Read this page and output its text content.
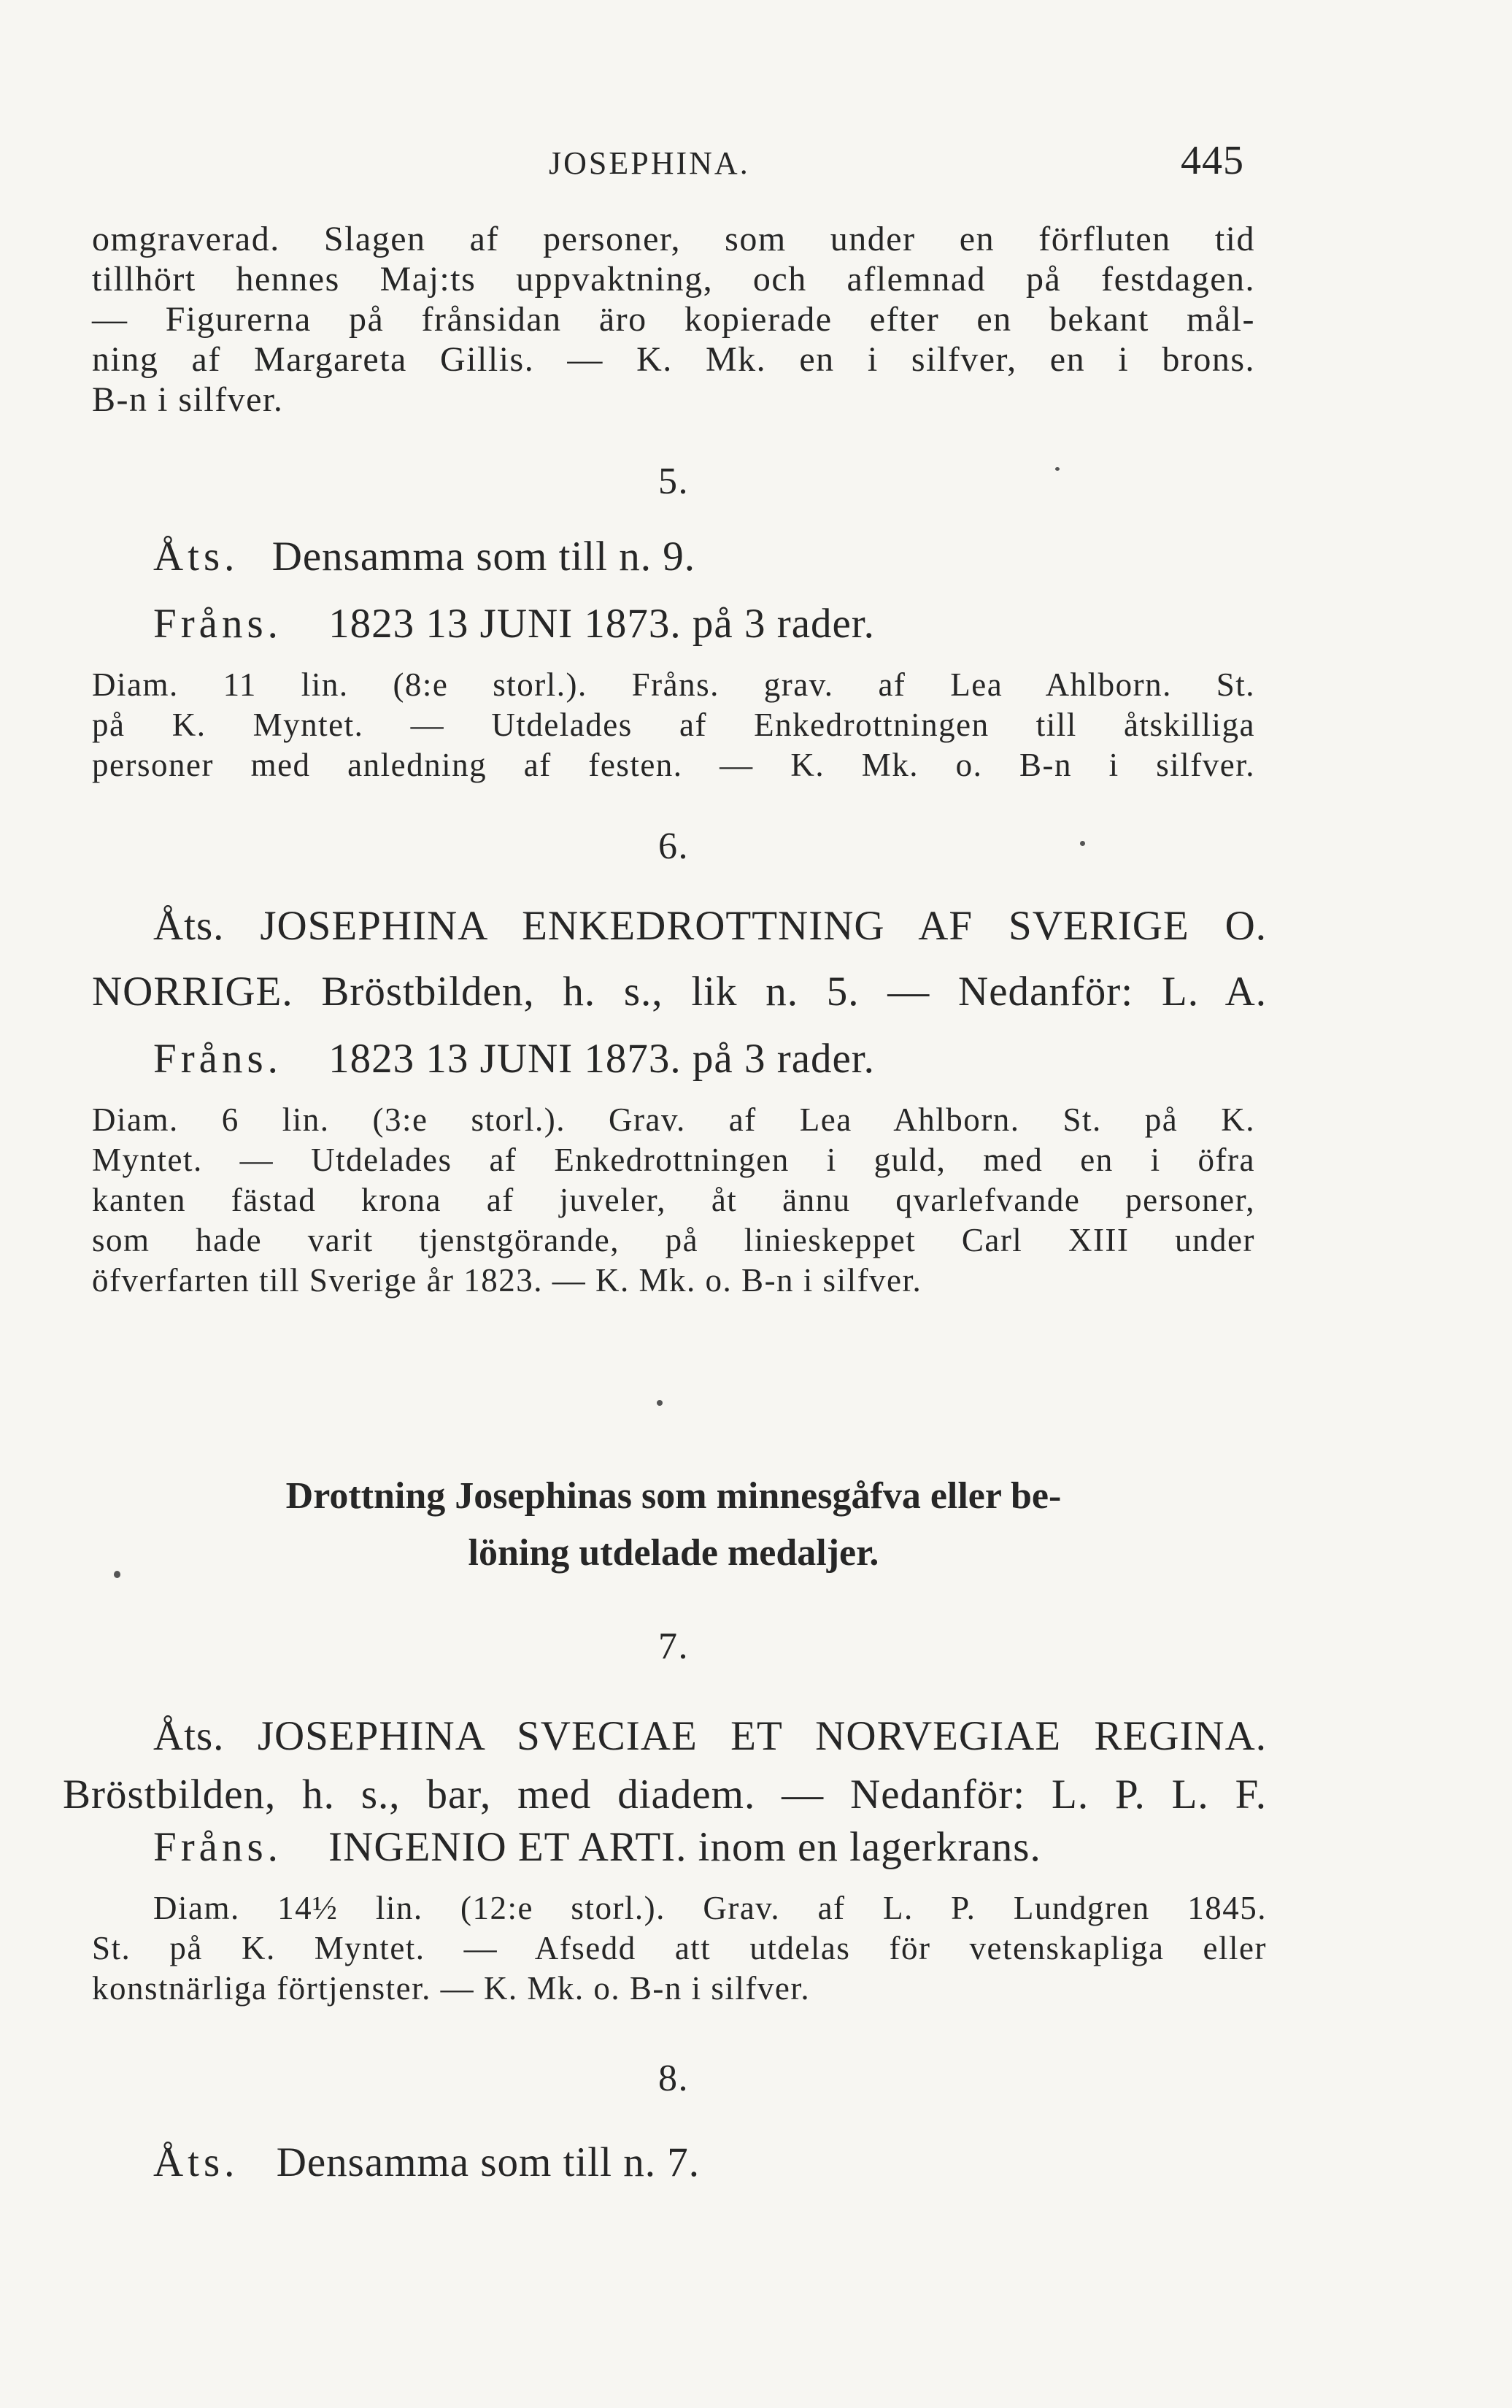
JOSEPHINA.	445
omgraverad. Slagen af personer, som under en förfluten tid
tillhört hennes Maj:ts uppvaktning, och aflemnad på festdagen.
— Figurerna på frånsidan äro kopierade efter en bekant mål-
ning af Margareta Gillis. — K. Mk. en i silfver, en i brons.
B-n i silfver.
5.
Åts. Densamma som till n. 9.
Fråns. 1823 13 JUNI 1873. på 3 rader.
Diam. 11 lin. (8:e storl.). Fråns. grav. af Lea Ahlborn. St.
på K. Myntet. — Utdelades af Enkedrottningen till åtskilliga
personer med anledning af festen. — K. Mk. o. B-n i silfver.
6.
Åts. JOSEPHINA ENKEDROTTNING AF SVERIGE O.
NORRIGE. Bröstbilden, h. s., lik n. 5. — Nedanför: L. A.
Fråns. 1823 13 JUNI 1873. på 3 rader.
Diam. 6 lin. (3:e storl.). Grav. af Lea Ahlborn. St. på K.
Myntet. — Utdelades af Enkedrottningen i guld, med en i öfra
kanten fästad krona af juveler, åt ännu qvarlefvande personer,
som hade varit tjenstgörande, på linieskeppet Carl XIII under
öfverfarten till Sverige år 1823. — K. Mk. o. B-n i silfver.
Drottning Josephinas som minnesgåfva eller be-
löning utdelade medaljer.
7.
Åts. JOSEPHINA SVECIAE ET NORVEGIAE REGINA.
Bröstbilden, h. s., bar, med diadem. — Nedanför: L. P. L. F.
Fråns. INGENIO ET ARTI. inom en lagerkrans.
Diam. 14½ lin. (12:e storl.). Grav. af L. P. Lundgren 1845.
St. på K. Myntet. — Afsedd att utdelas för vetenskapliga eller
konstnärliga förtjenster. — K. Mk. o. B-n i silfver.
8.
Åts. Densamma som till n. 7.
